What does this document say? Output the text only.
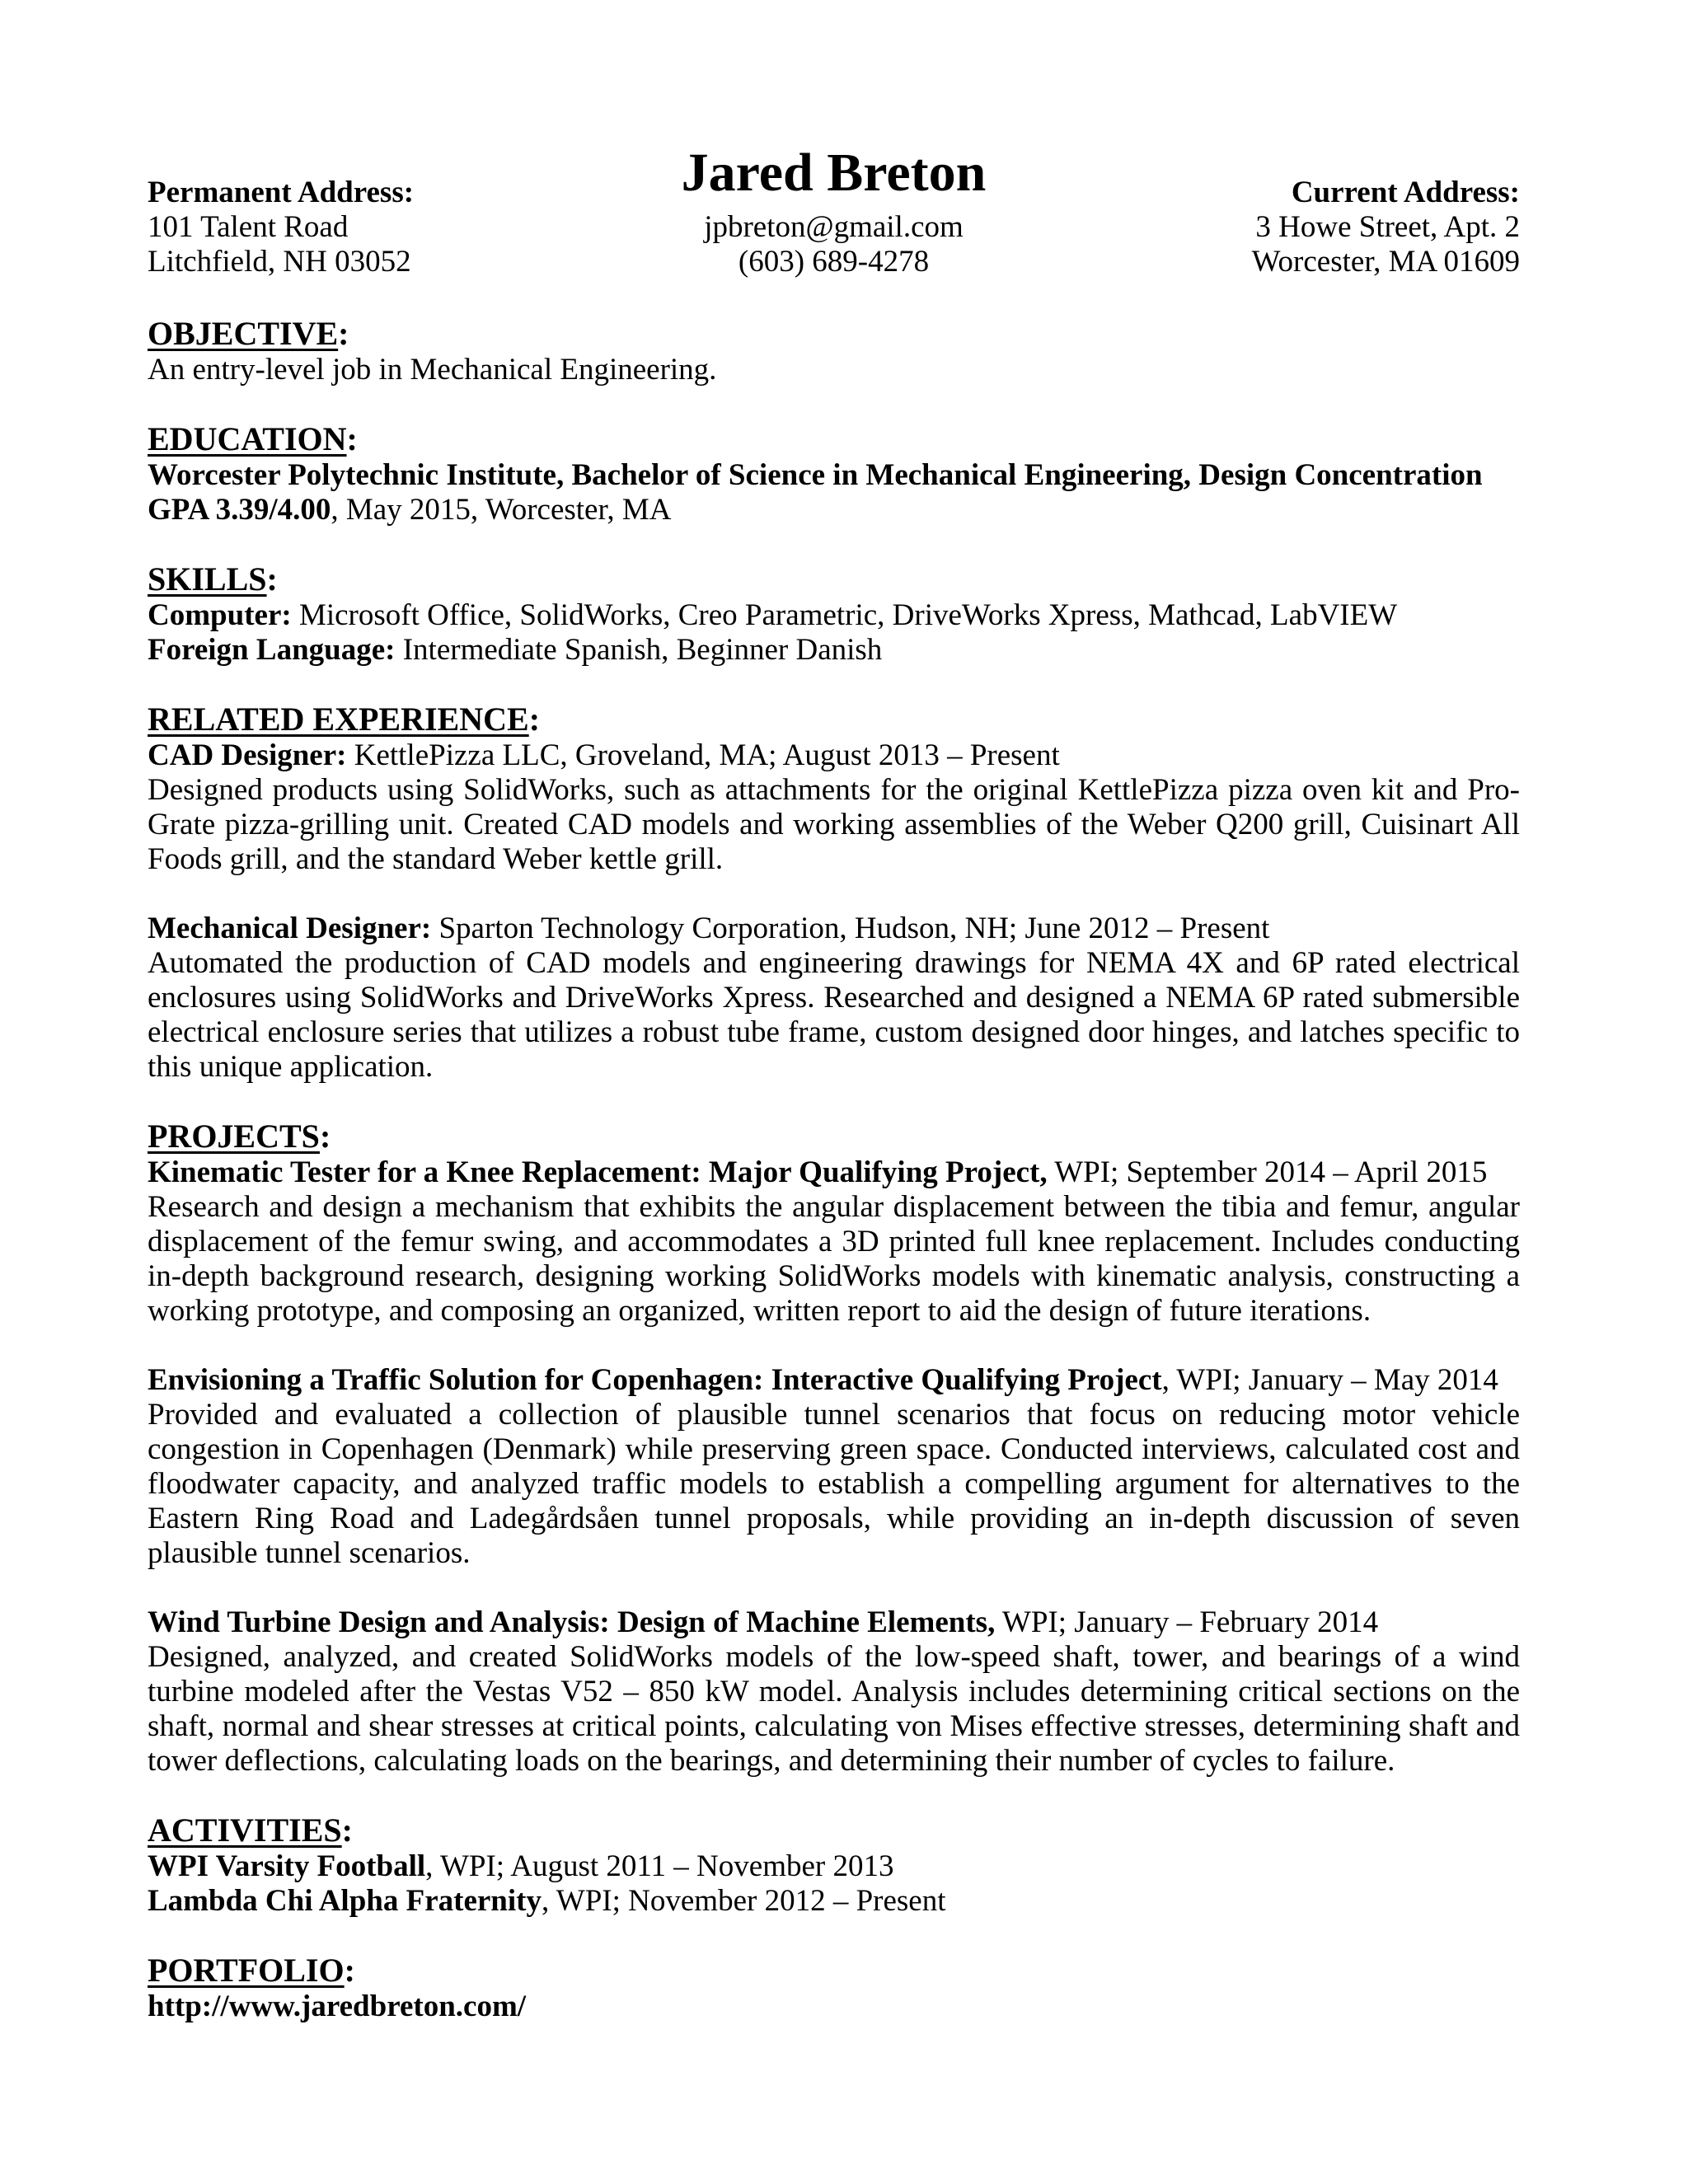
Permanent Address:
101 Talent Road
Litchfield, NH 03052
Jared Breton
jpbreton@gmail.com
(603) 689-4278
Current Address:
3 Howe Street, Apt. 2
Worcester, MA 01609
OBJECTIVE:
An entry-level job in Mechanical Engineering.
EDUCATION:
Worcester Polytechnic Institute, Bachelor of Science in Mechanical Engineering, Design Concentration
GPA 3.39/4.00, May 2015, Worcester, MA
SKILLS:
Computer: Microsoft Office, SolidWorks, Creo Parametric, DriveWorks Xpress, Mathcad, LabVIEW
Foreign Language: Intermediate Spanish, Beginner Danish
RELATED EXPERIENCE:
CAD Designer: KettlePizza LLC, Groveland, MA; August 2013 – Present
Designed products using SolidWorks, such as attachments for the original KettlePizza pizza oven kit and Pro-Grate pizza-grilling unit. Created CAD models and working assemblies of the Weber Q200 grill, Cuisinart All Foods grill, and the standard Weber kettle grill.
Mechanical Designer: Sparton Technology Corporation, Hudson, NH; June 2012 – Present
Automated the production of CAD models and engineering drawings for NEMA 4X and 6P rated electrical enclosures using SolidWorks and DriveWorks Xpress. Researched and designed a NEMA 6P rated submersible electrical enclosure series that utilizes a robust tube frame, custom designed door hinges, and latches specific to this unique application.
PROJECTS:
Kinematic Tester for a Knee Replacement: Major Qualifying Project, WPI; September 2014 – April 2015
Research and design a mechanism that exhibits the angular displacement between the tibia and femur, angular displacement of the femur swing, and accommodates a 3D printed full knee replacement. Includes conducting in-depth background research, designing working SolidWorks models with kinematic analysis, constructing a working prototype, and composing an organized, written report to aid the design of future iterations.
Envisioning a Traffic Solution for Copenhagen: Interactive Qualifying Project, WPI; January – May 2014
Provided and evaluated a collection of plausible tunnel scenarios that focus on reducing motor vehicle congestion in Copenhagen (Denmark) while preserving green space. Conducted interviews, calculated cost and floodwater capacity, and analyzed traffic models to establish a compelling argument for alternatives to the Eastern Ring Road and Ladegårdsåen tunnel proposals, while providing an in-depth discussion of seven plausible tunnel scenarios.
Wind Turbine Design and Analysis: Design of Machine Elements, WPI; January – February 2014
Designed, analyzed, and created SolidWorks models of the low-speed shaft, tower, and bearings of a wind turbine modeled after the Vestas V52 – 850 kW model. Analysis includes determining critical sections on the shaft, normal and shear stresses at critical points, calculating von Mises effective stresses, determining shaft and tower deflections, calculating loads on the bearings, and determining their number of cycles to failure.
ACTIVITIES:
WPI Varsity Football, WPI; August 2011 – November 2013
Lambda Chi Alpha Fraternity, WPI; November 2012 – Present
PORTFOLIO:
http://www.jaredbreton.com/
